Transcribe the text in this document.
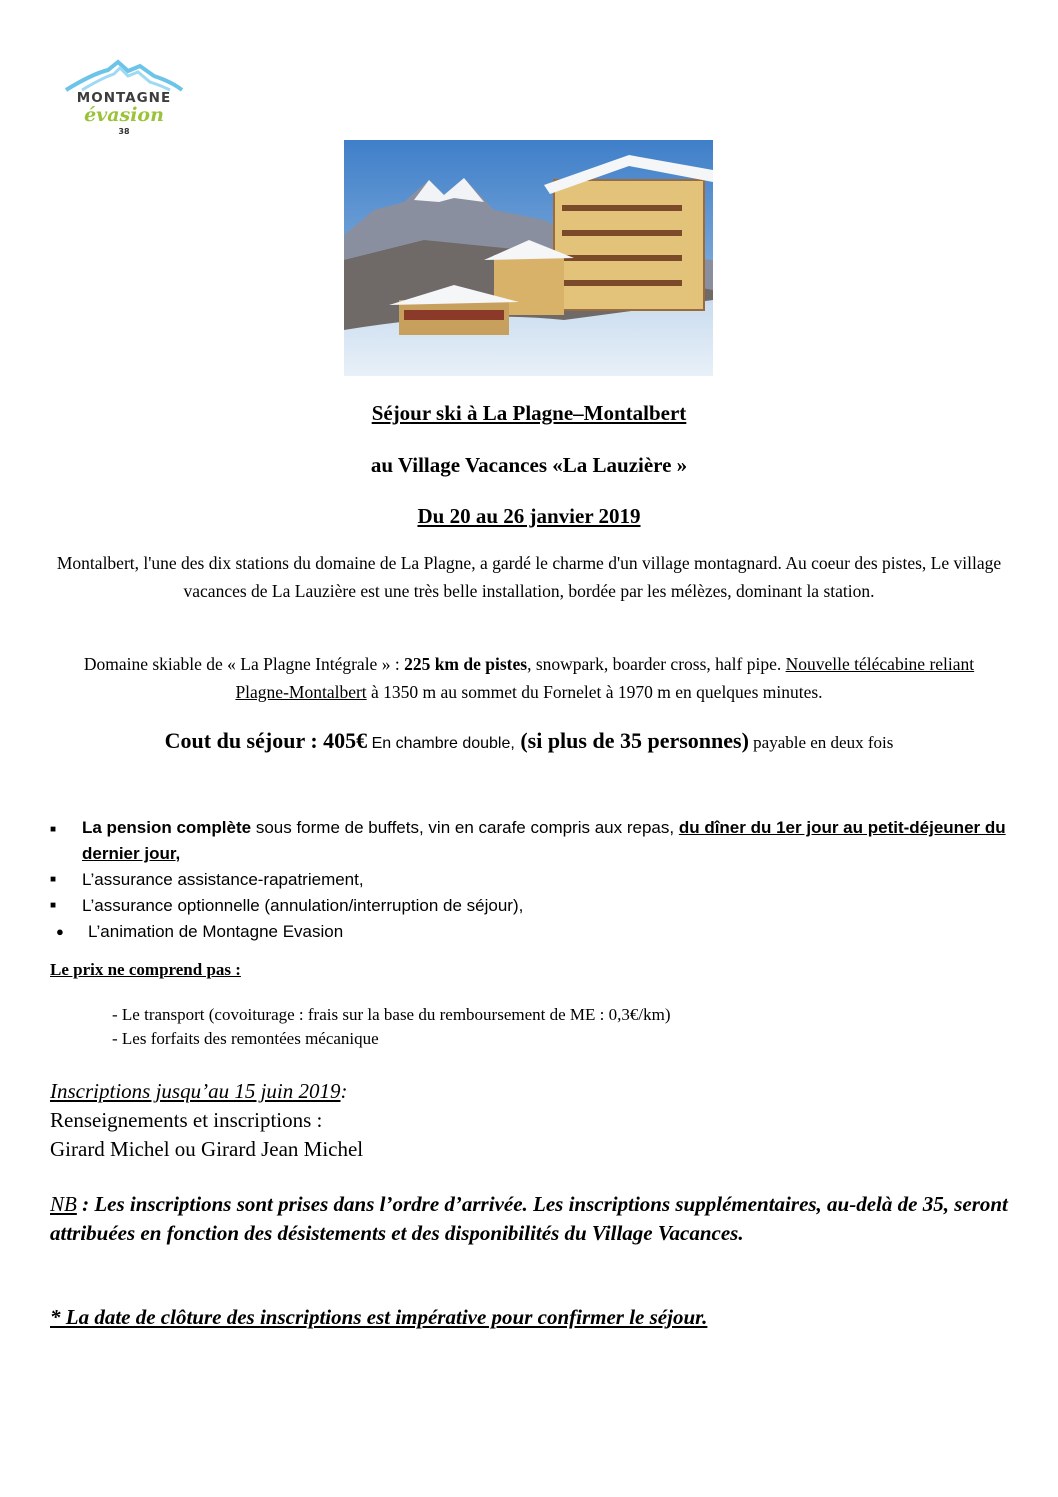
MONTAGNE
évasion
38
Séjour ski à La Plagne–Montalbert
au Village Vacances «La Lauzière »
Du 20 au 26 janvier 2019
Montalbert, l'une des dix stations du domaine de La Plagne, a gardé le charme d'un village montagnard. Au coeur des pistes, Le village vacances de La Lauzière est une très belle installation, bordée par les mélèzes, dominant la station.
Domaine skiable de « La Plagne Intégrale » : 225 km de pistes, snowpark, boarder cross, half pipe. Nouvelle télécabine reliant Plagne-Montalbert à 1350 m au sommet du Fornelet à 1970 m en quelques minutes.
Cout du séjour : 405€ En chambre double, (si plus de 35 personnes) payable en deux fois
■ La pension complète sous forme de buffets, vin en carafe compris aux repas, du dîner du 1er jour au petit-déjeuner du dernier jour,
■ L’assurance assistance-rapatriement,
■ L’assurance optionnelle (annulation/interruption de séjour),
● L’animation de Montagne Evasion
Le prix ne comprend pas :
- Le transport (covoiturage : frais sur la base du remboursement de ME : 0,3€/km)
- Les forfaits des remontées mécanique
Inscriptions jusqu’au 15 juin 2019:
Renseignements et inscriptions :
Girard Michel ou Girard Jean Michel
NB : Les inscriptions sont prises dans l’ordre d’arrivée. Les inscriptions supplémentaires, au-delà de 35, seront attribuées en fonction des désistements et des disponibilités du Village Vacances.
* La date de clôture des inscriptions est impérative pour confirmer le séjour.
